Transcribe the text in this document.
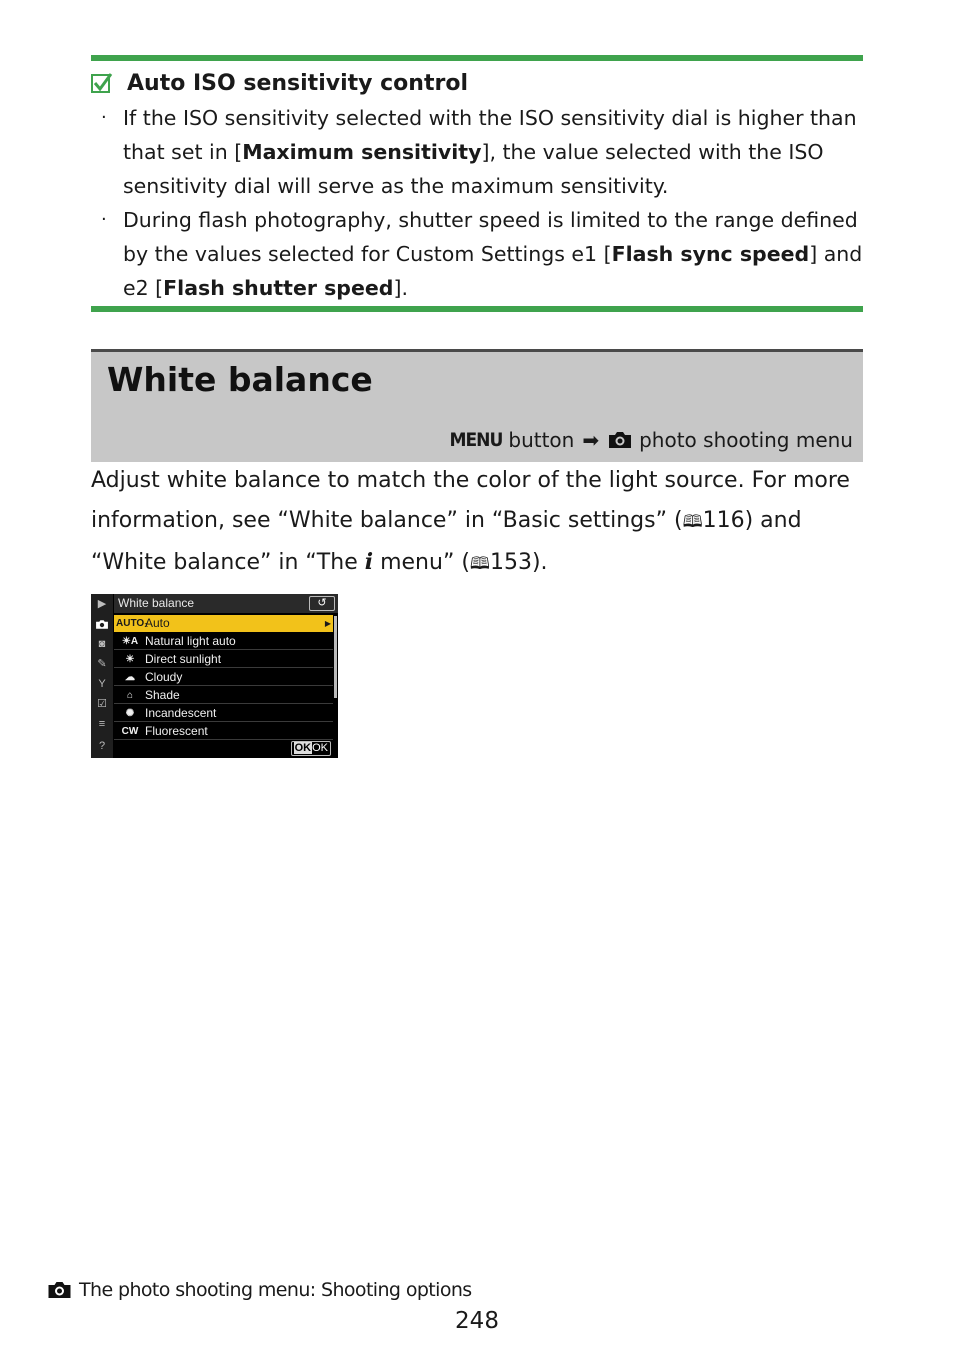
Auto ISO sensitivity control
· If the ISO sensitivity selected with the ISO sensitivity dial is higher than that set in [Maximum sensitivity], the value selected with the ISO sensitivity dial will serve as the maximum sensitivity.
· During flash photography, shutter speed is limited to the range defined by the values selected for Custom Settings e1 [Flash sync speed] and e2 [Flash shutter speed].
White balance
MENU button ➡ photo shooting menu
Adjust white balance to match the color of the light source. For more information, see “White balance” in “Basic settings” (🕮116) and “White balance” in “The i menu” (🕮153).
▶
◙
✎
Y
☑
≡
?
White balance	↺
AUTO₁
Auto	▶
☀A Natural light auto
☀ Direct sunlight
☁ Cloudy
⌂ Shade
✺ Incandescent
CW Fluorescent
OKOK
The photo shooting menu: Shooting options
248
